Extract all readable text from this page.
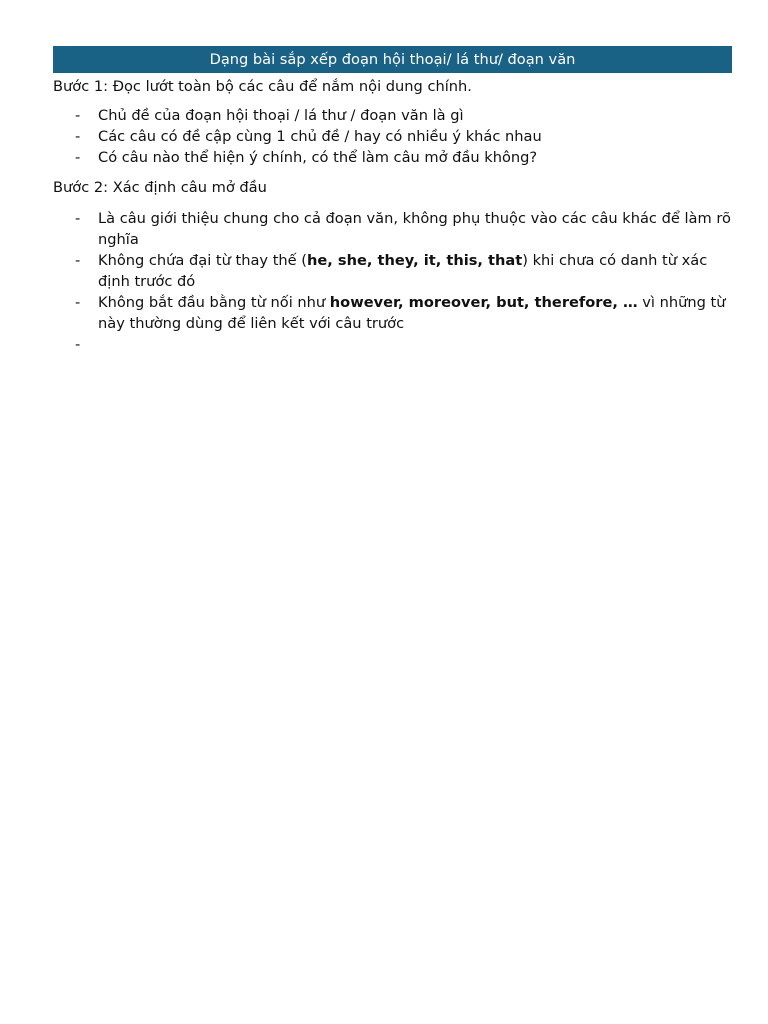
Dạng bài sắp xếp đoạn hội thoại/ lá thư/ đoạn văn
Bước 1: Đọc lướt toàn bộ các câu để nắm nội dung chính.
- Chủ đề của đoạn hội thoại / lá thư / đoạn văn là gì
- Các câu có đề cập cùng 1 chủ đề / hay có nhiều ý khác nhau
- Có câu nào thể hiện ý chính, có thể làm câu mở đầu không?
Bước 2: Xác định câu mở đầu
- Là câu giới thiệu chung cho cả đoạn văn, không phụ thuộc vào các câu khác để làm rõ nghĩa
- Không chứa đại từ thay thế (he, she, they, it, this, that) khi chưa có danh từ xác định trước đó
- Không bắt đầu bằng từ nối như however, moreover, but, therefore, … vì những từ này thường dùng để liên kết với câu trước
-
